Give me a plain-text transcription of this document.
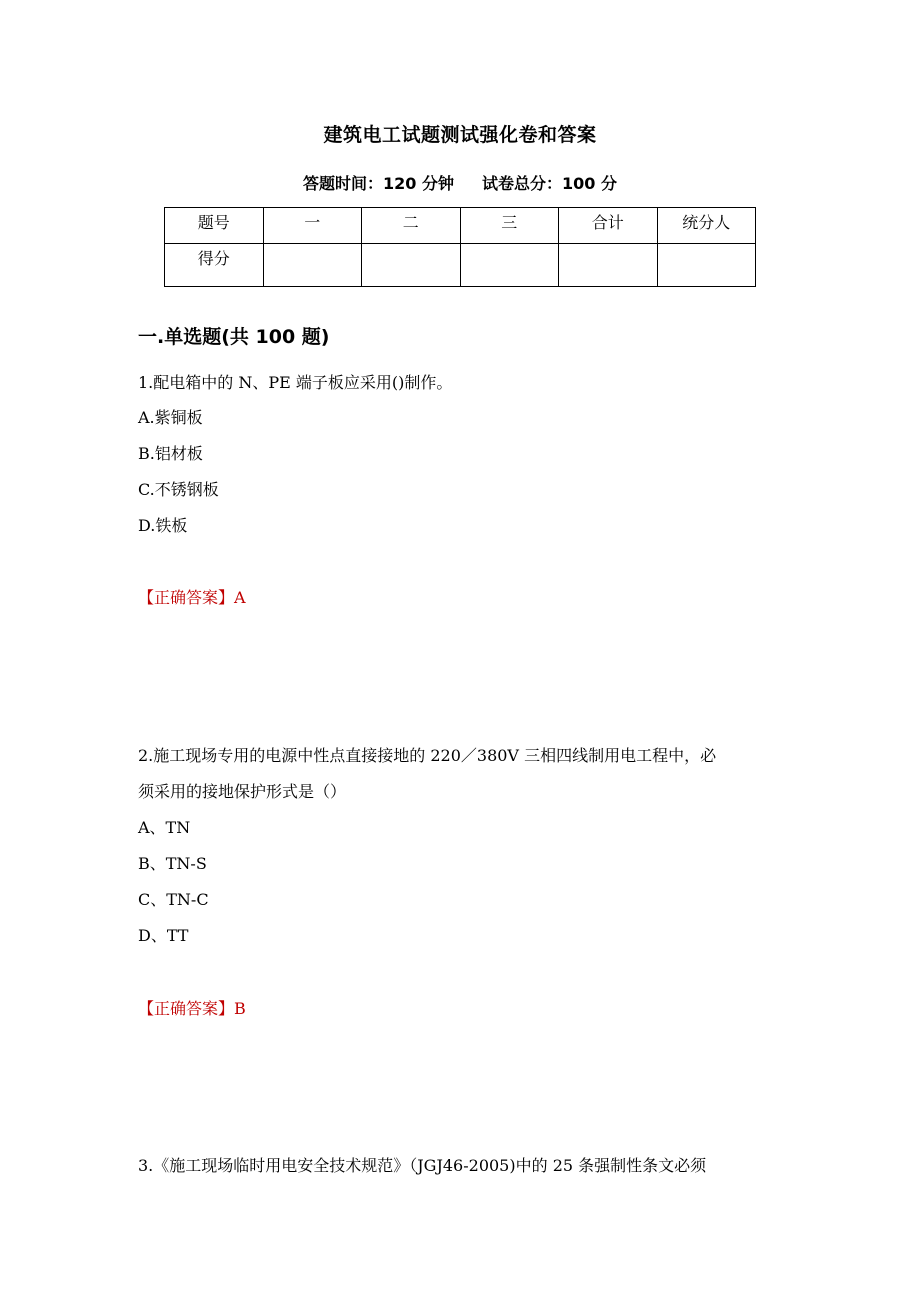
建筑电工试题测试强化卷和答案
答题时间：120 分钟 试卷总分：100 分
题号	一	二	三	合计	统分人
得分					
一.单选题(共 100 题)
1.配电箱中的 N、PE 端子板应采用()制作。
A.紫铜板
B.铝材板
C.不锈钢板
D.铁板
【正确答案】A
2.施工现场专用的电源中性点直接接地的 220／380V 三相四线制用电工程中，必
须采用的接地保护形式是（）
A、TN
B、TN-S
C、TN-C
D、TT
【正确答案】B
3.《施工现场临时用电安全技术规范》（JGJ46-2005)中的 25 条强制性条文必须
